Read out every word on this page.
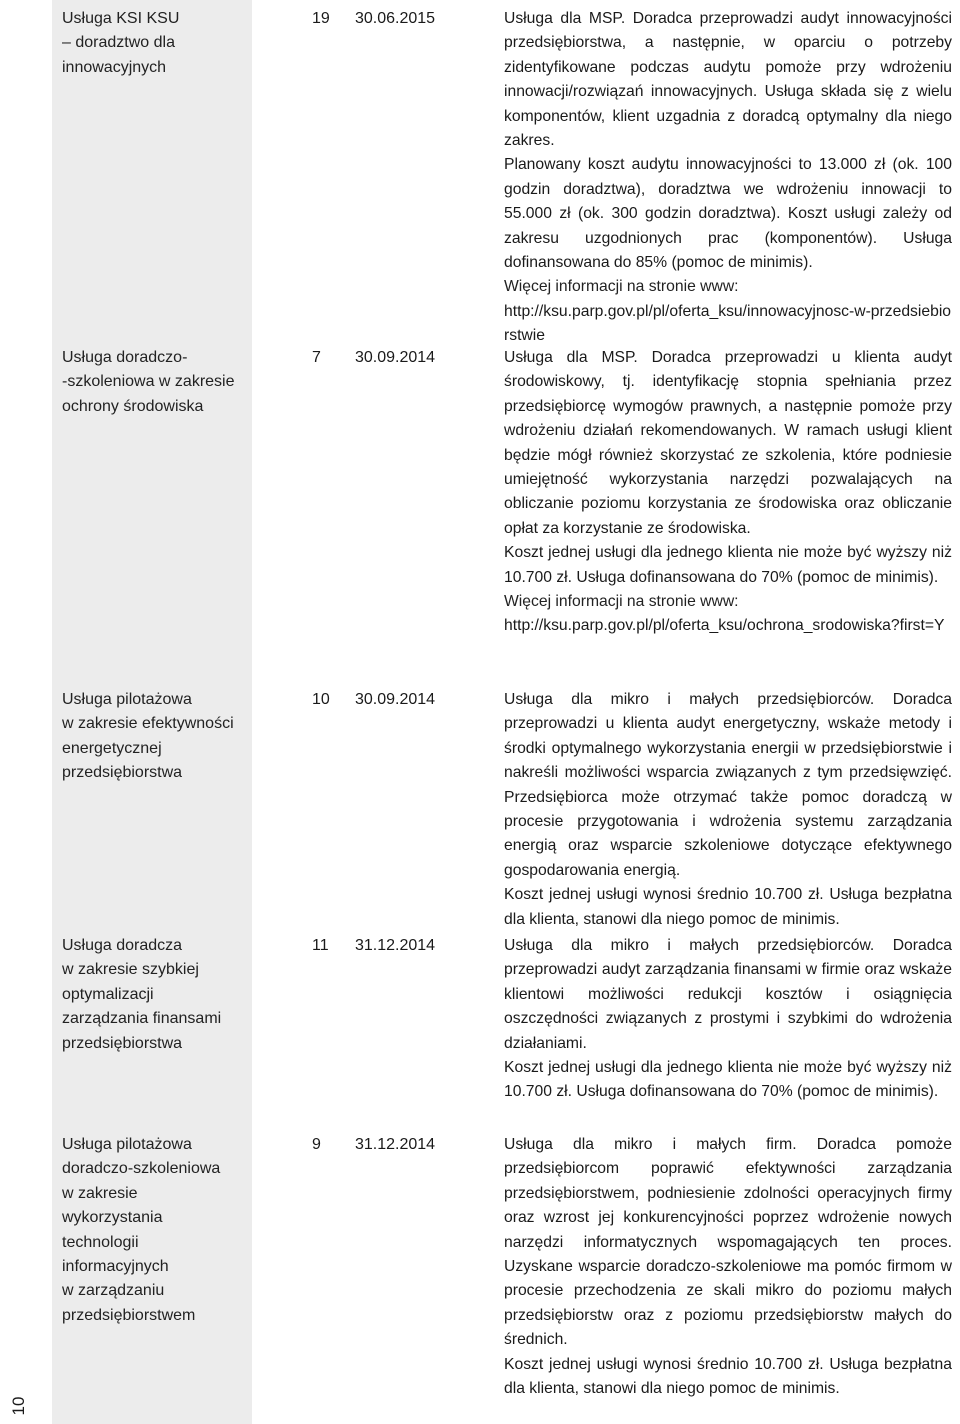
Usługa KSI KSU
– doradztwo dla
innowacyjnych

19 30.06.2015	Usługa dla MSP. Doradca przeprowadzi audyt innowacyjności przedsiębiorstwa, a następnie, w oparciu o potrzeby zidentyfikowane podczas audytu pomoże przy wdrożeniu innowacji/rozwiązań innowacyjnych. Usługa składa się z wielu komponentów, klient uzgadnia z doradcą optymalny dla niego zakres.

Planowany koszt audytu innowacyjności to 13.000 zł (ok. 100 godzin doradztwa), doradztwa we wdrożeniu innowacji to 55.000 zł (ok. 300 godzin doradztwa). Koszt usługi zależy od zakresu uzgodnionych prac (komponentów). Usługa dofinansowana do 85% (pomoc de minimis).

Więcej informacji na stronie www:

http://ksu.parp.gov.pl/pl/oferta_ksu/innowacyjnosc-w-przedsiebiorstwie

Usługa doradczo-
-szkoleniowa w zakresie
ochrony środowiska

7 30.09.2014	Usługa dla MSP. Doradca przeprowadzi u klienta audyt środowiskowy, tj. identyfikację stopnia spełniania przez przedsiębiorcę wymogów prawnych, a następnie pomoże przy wdrożeniu działań rekomendowanych. W ramach usługi klient będzie mógł również skorzystać ze szkolenia, które podniesie umiejętność wykorzystania narzędzi pozwalających na obliczanie poziomu korzystania ze środowiska oraz obliczanie opłat za korzystanie ze środowiska.

Koszt jednej usługi dla jednego klienta nie może być wyższy niż 10.700 zł. Usługa dofinansowana do 70% (pomoc de minimis).

Więcej informacji na stronie www:

http://ksu.parp.gov.pl/pl/oferta_ksu/ochrona_srodowiska?first=Y

Usługa pilotażowa
w zakresie efektywności
energetycznej
przedsiębiorstwa

10 30.09.2014	Usługa dla mikro i małych przedsiębiorców. Doradca przeprowadzi u klienta audyt energetyczny, wskaże metody i środki optymalnego wykorzystania energii w przedsiębiorstwie i nakreśli możliwości wsparcia związanych z tym przedsięwzięć. Przedsiębiorca może otrzymać także pomoc doradczą w procesie przygotowania i wdrożenia systemu zarządzania energią oraz wsparcie szkoleniowe dotyczące efektywnego gospodarowania energią.

Koszt jednej usługi wynosi średnio 10.700 zł. Usługa bezpłatna dla klienta, stanowi dla niego pomoc de minimis.

Usługa doradcza
w zakresie szybkiej
optymalizacji
zarządzania finansami
przedsiębiorstwa

11 31.12.2014	Usługa dla mikro i małych przedsiębiorców. Doradca przeprowadzi audyt zarządzania finansami w firmie oraz wskaże klientowi możliwości redukcji kosztów i osiągnięcia oszczędności związanych z prostymi i szybkimi do wdrożenia działaniami.

Koszt jednej usługi dla jednego klienta nie może być wyższy niż 10.700 zł. Usługa dofinansowana do 70% (pomoc de minimis).

Usługa pilotażowa
doradczo-szkoleniowa
w zakresie
wykorzystania
technologii
informacyjnych
w zarządzaniu
przedsiębiorstwem

9 31.12.2014	Usługa dla mikro i małych firm. Doradca pomoże przedsiębiorcom poprawić efektywności zarządzania przedsiębiorstwem, podniesienie zdolności operacyjnych firmy oraz wzrost jej konkurencyjności poprzez wdrożenie nowych narzędzi informatycznych wspomagających ten proces. Uzyskane wsparcie doradczo-szkoleniowe ma pomóc firmom w procesie przechodzenia ze skali mikro do poziomu małych przedsiębiorstw oraz z poziomu przedsiębiorstw małych do średnich.

Koszt jednej usługi wynosi średnio 10.700 zł. Usługa bezpłatna dla klienta, stanowi dla niego pomoc de minimis.

10
